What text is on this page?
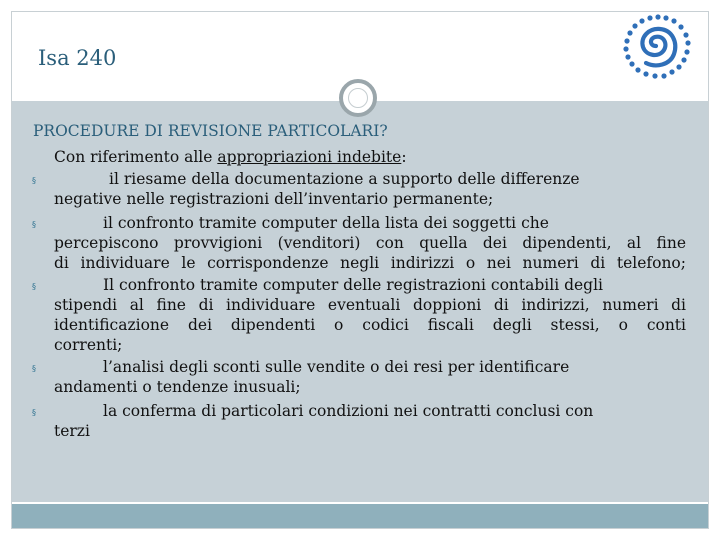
Isa 240
PROCEDURE DI REVISIONE PARTICOLARI?
Con riferimento alle appropriazioni indebite:
§	il riesame della documentazione a supporto delle differenze
negative nelle registrazioni dell’inventario permanente;
§	il confronto tramite computer della lista dei soggetti che
percepiscono provvigioni (venditori) con quella dei dipendenti, al fine
di individuare le corrispondenze negli indirizzi o nei numeri di telefono;
§	Il confronto tramite computer delle registrazioni contabili degli
stipendi al fine di individuare eventuali doppioni di indirizzi, numeri di
identificazione dei dipendenti o codici fiscali degli stessi, o conti
correnti;
§	l’analisi degli sconti sulle vendite o dei resi per identificare
andamenti o tendenze inusuali;
§	la conferma di particolari condizioni nei contratti conclusi con
terzi
